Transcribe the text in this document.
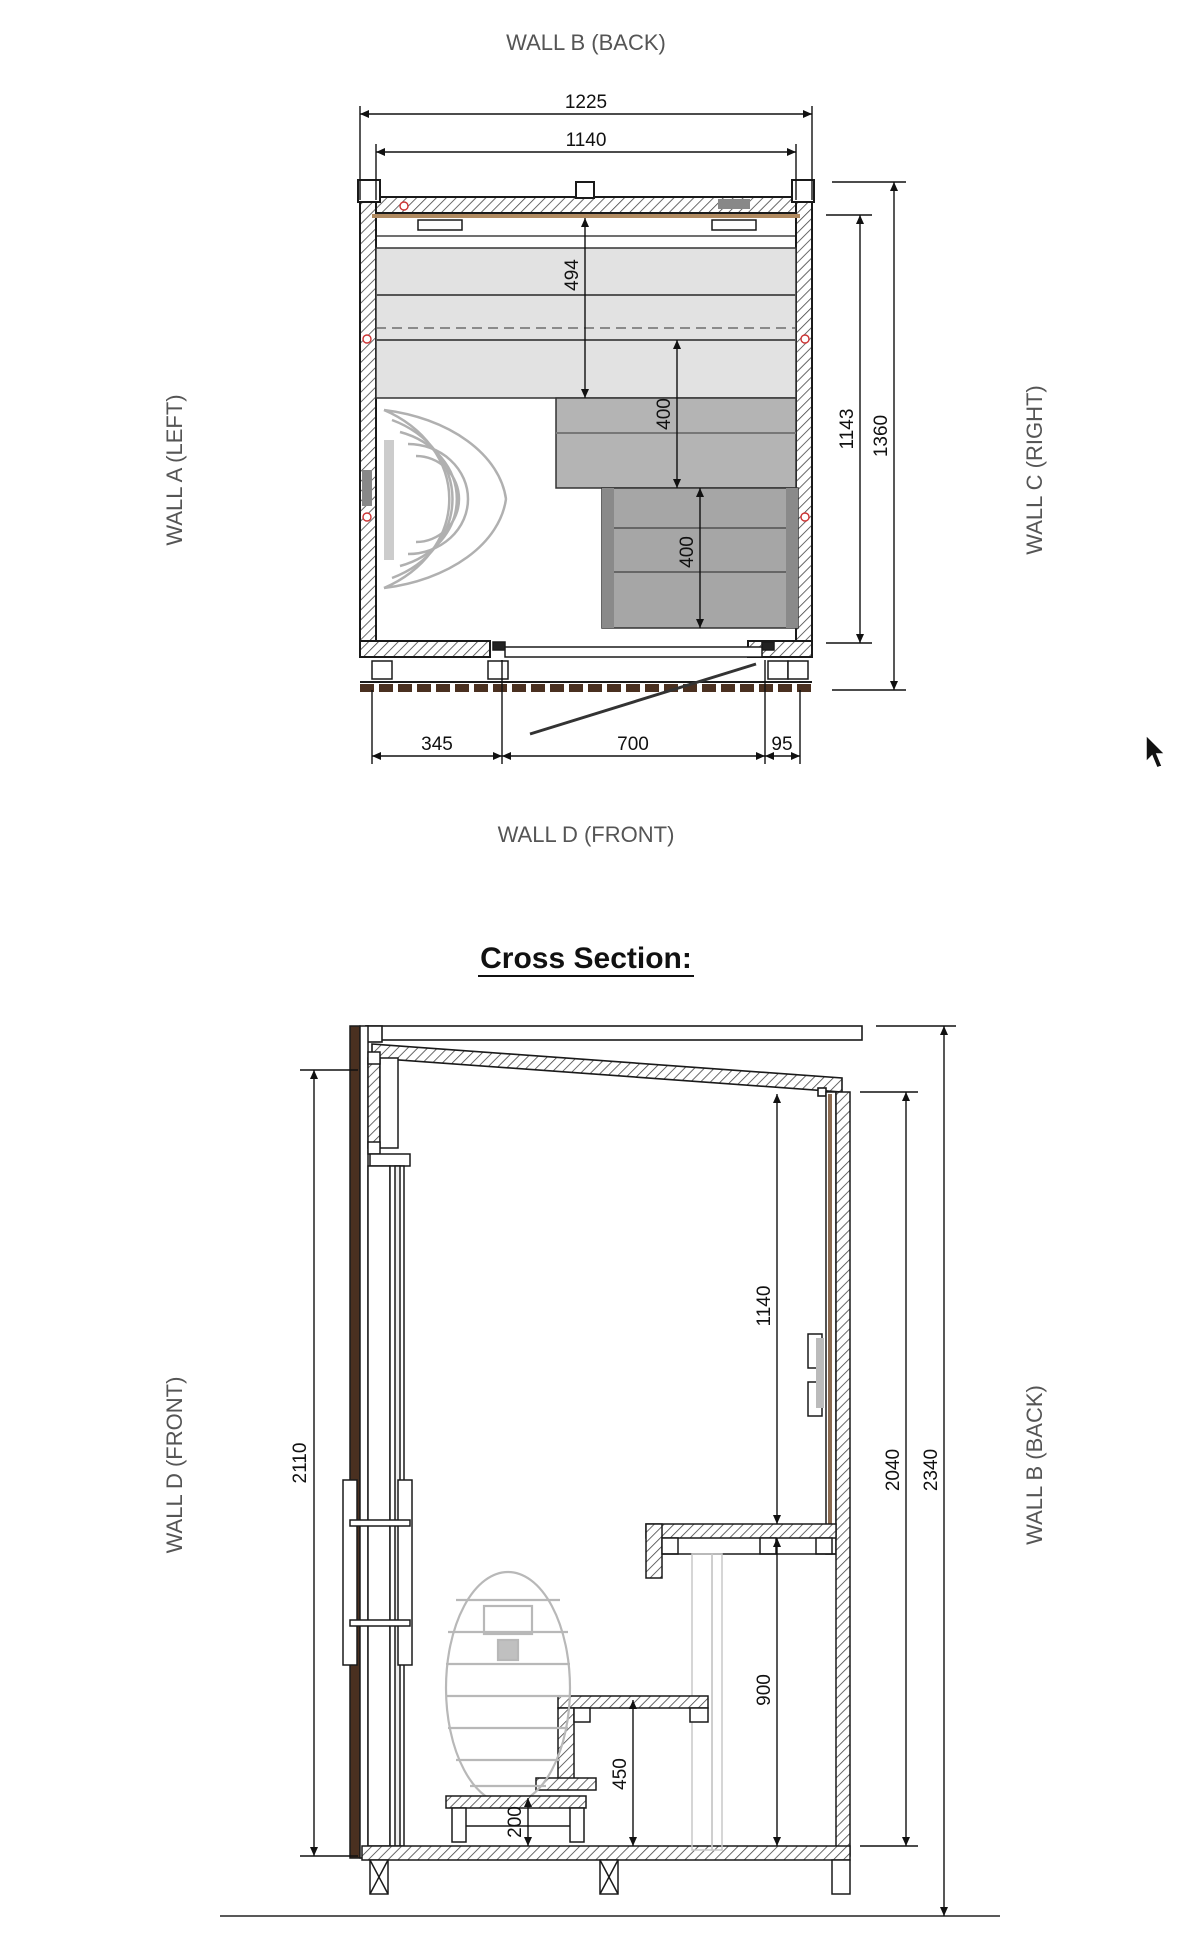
WALL B (BACK)
WALL D (FRONT)
WALL A (LEFT)	WALL C (RIGHT)
1225
1140
494
400
400
1143 1360
345	700	95
Cross Section:
WALL D (FRONT)	WALL B (BACK)
2110
1140
900
450
200
2040 2340
